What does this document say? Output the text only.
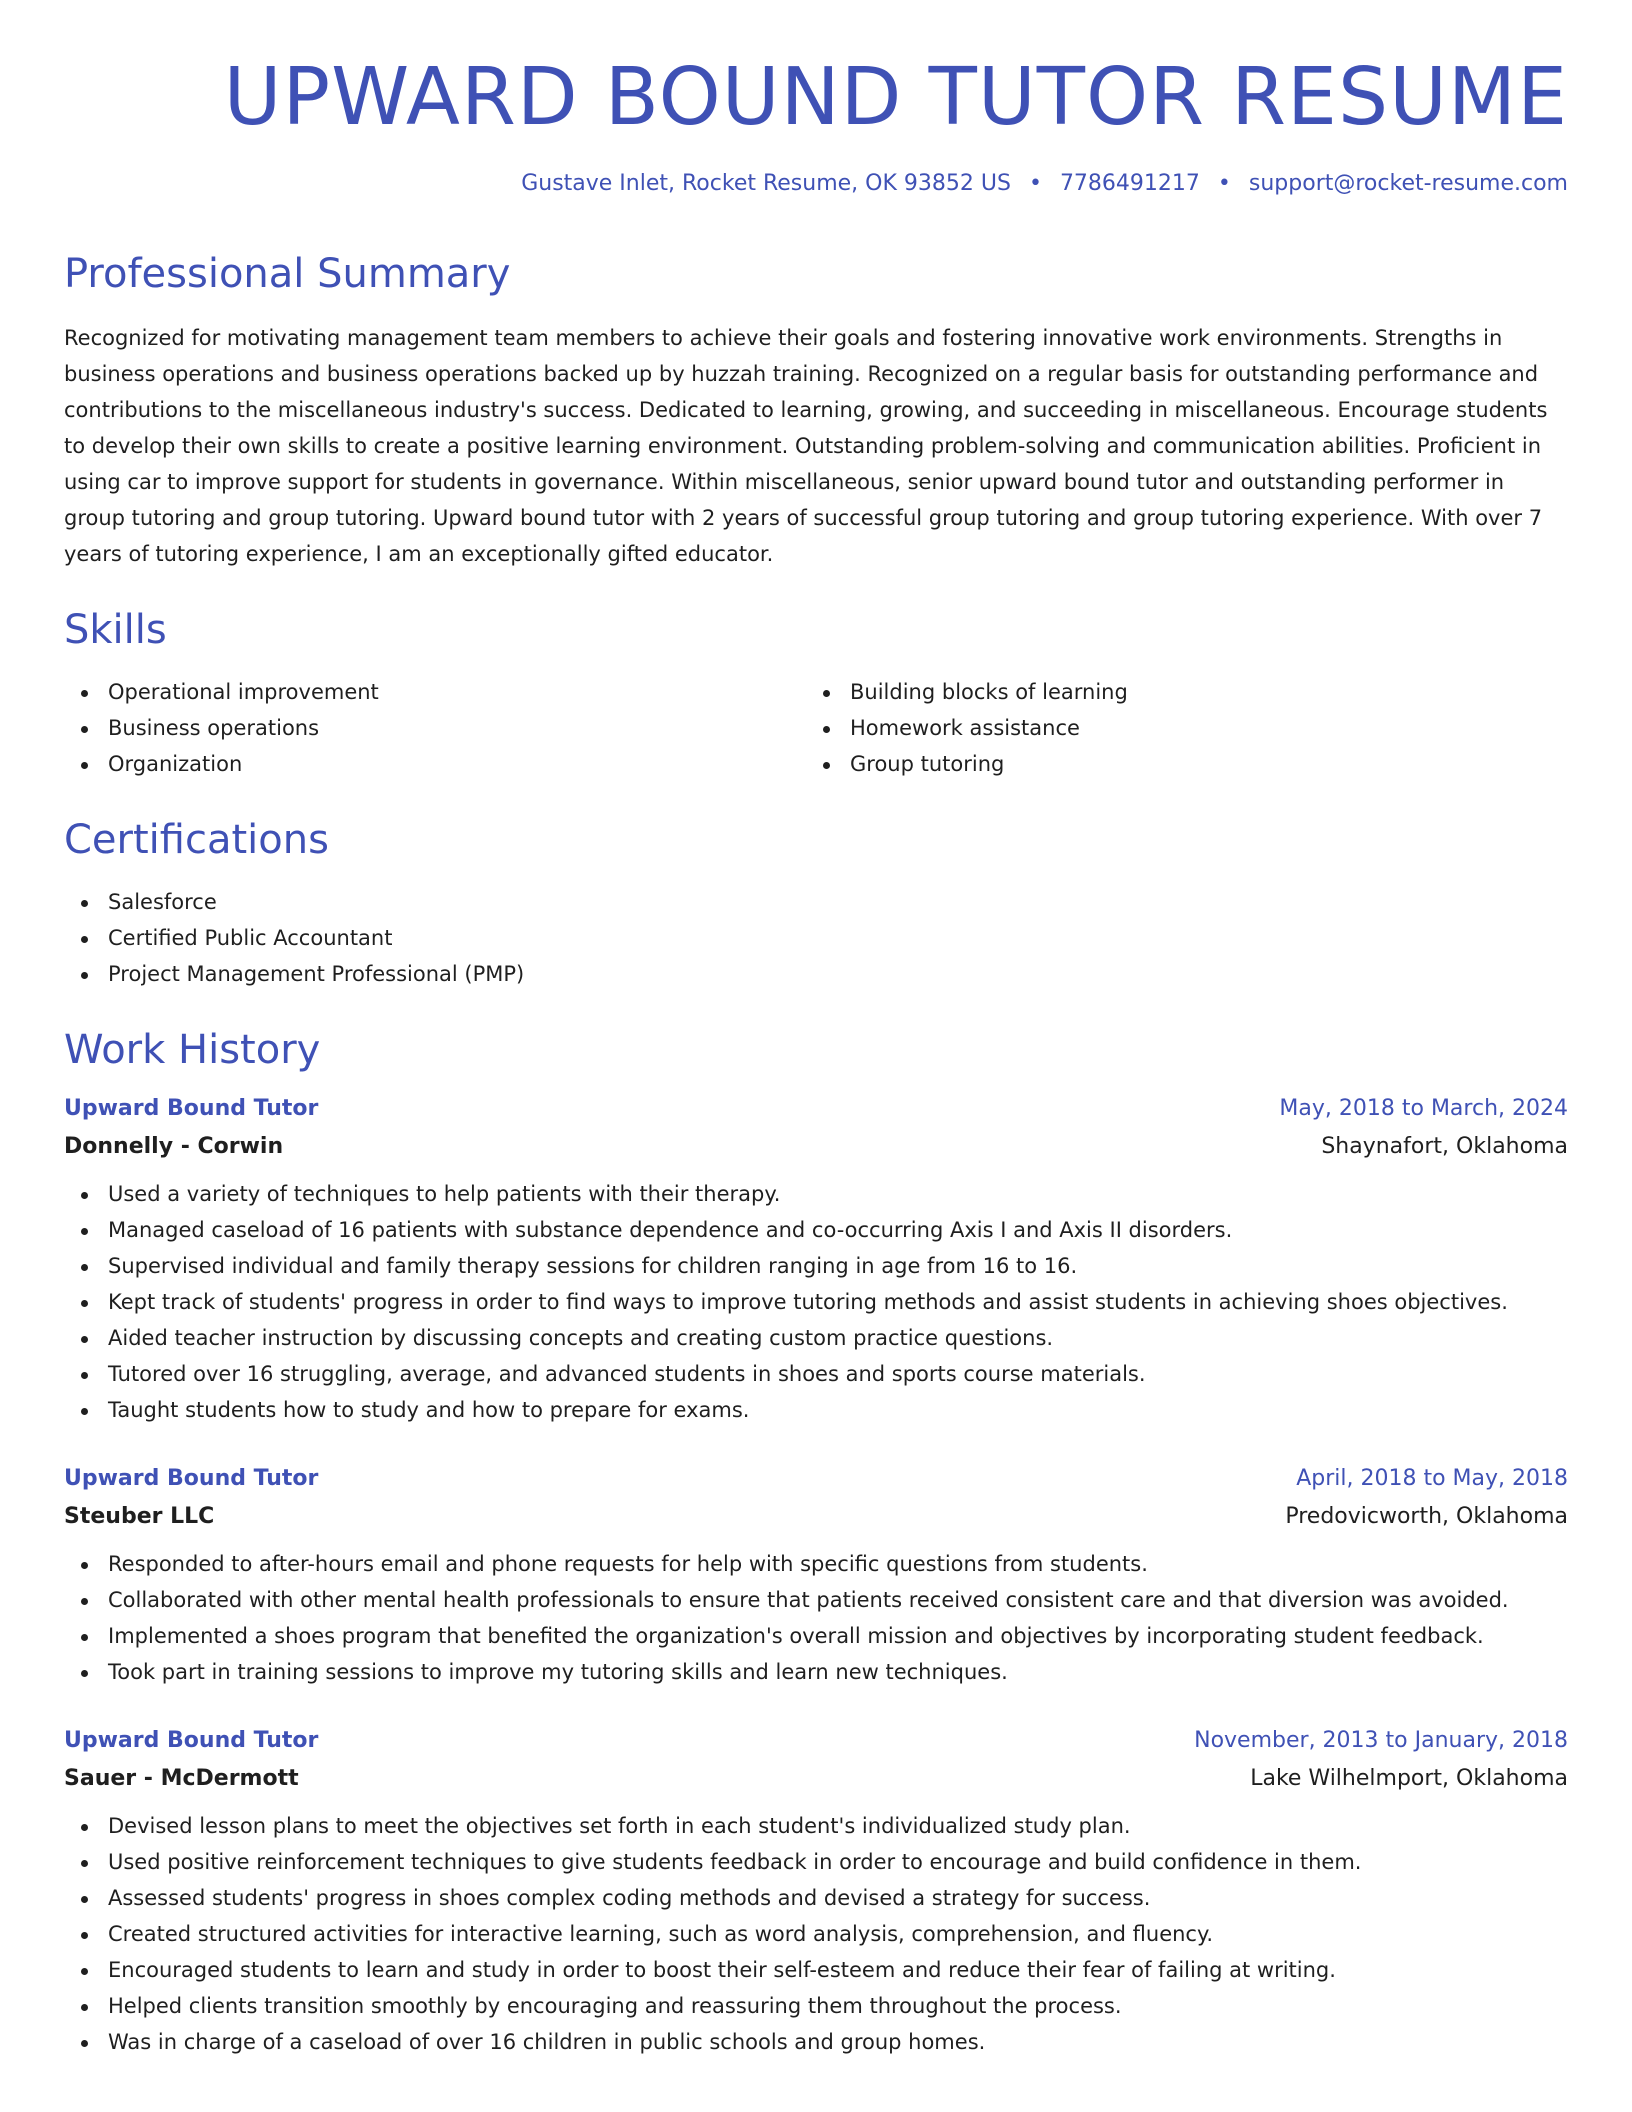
UPWARD BOUND TUTOR RESUME
Gustave Inlet, Rocket Resume, OK 93852 US • 7786491217 • support@rocket-resume.com
Professional Summary

Recognized for motivating management team members to achieve their goals and fostering innovative work environments. Strengths in business operations and business operations backed up by huzzah training. Recognized on a regular basis for outstanding performance and contributions to the miscellaneous industry's success. Dedicated to learning, growing, and succeeding in miscellaneous. Encourage students to develop their own skills to create a positive learning environment. Outstanding problem-solving and communication abilities. Proficient in using car to improve support for students in governance. Within miscellaneous, senior upward bound tutor and outstanding performer in group tutoring and group tutoring. Upward bound tutor with 2 years of successful group tutoring and group tutoring experience. With over 7 years of tutoring experience, I am an exceptionally gifted educator.

Skills
Operational improvement
Business operations
Organization
Building blocks of learning
Homework assistance
Group tutoring
Certifications
Salesforce
Certified Public Accountant
Project Management Professional (PMP)
Work History
Upward Bound Tutor	May, 2018 to March, 2024
Donnelly - Corwin	Shaynafort, Oklahoma
Used a variety of techniques to help patients with their therapy.
Managed caseload of 16 patients with substance dependence and co-occurring Axis I and Axis II disorders.
Supervised individual and family therapy sessions for children ranging in age from 16 to 16.
Kept track of students' progress in order to find ways to improve tutoring methods and assist students in achieving shoes objectives.
Aided teacher instruction by discussing concepts and creating custom practice questions.
Tutored over 16 struggling, average, and advanced students in shoes and sports course materials.
Taught students how to study and how to prepare for exams.
Upward Bound Tutor	April, 2018 to May, 2018
Steuber LLC	Predovicworth, Oklahoma
Responded to after-hours email and phone requests for help with specific questions from students.
Collaborated with other mental health professionals to ensure that patients received consistent care and that diversion was avoided.
Implemented a shoes program that benefited the organization's overall mission and objectives by incorporating student feedback.
Took part in training sessions to improve my tutoring skills and learn new techniques.
Upward Bound Tutor	November, 2013 to January, 2018
Sauer - McDermott	Lake Wilhelmport, Oklahoma
Devised lesson plans to meet the objectives set forth in each student's individualized study plan.
Used positive reinforcement techniques to give students feedback in order to encourage and build confidence in them.
Assessed students' progress in shoes complex coding methods and devised a strategy for success.
Created structured activities for interactive learning, such as word analysis, comprehension, and fluency.
Encouraged students to learn and study in order to boost their self-esteem and reduce their fear of failing at writing.
Helped clients transition smoothly by encouraging and reassuring them throughout the process.
Was in charge of a caseload of over 16 children in public schools and group homes.
